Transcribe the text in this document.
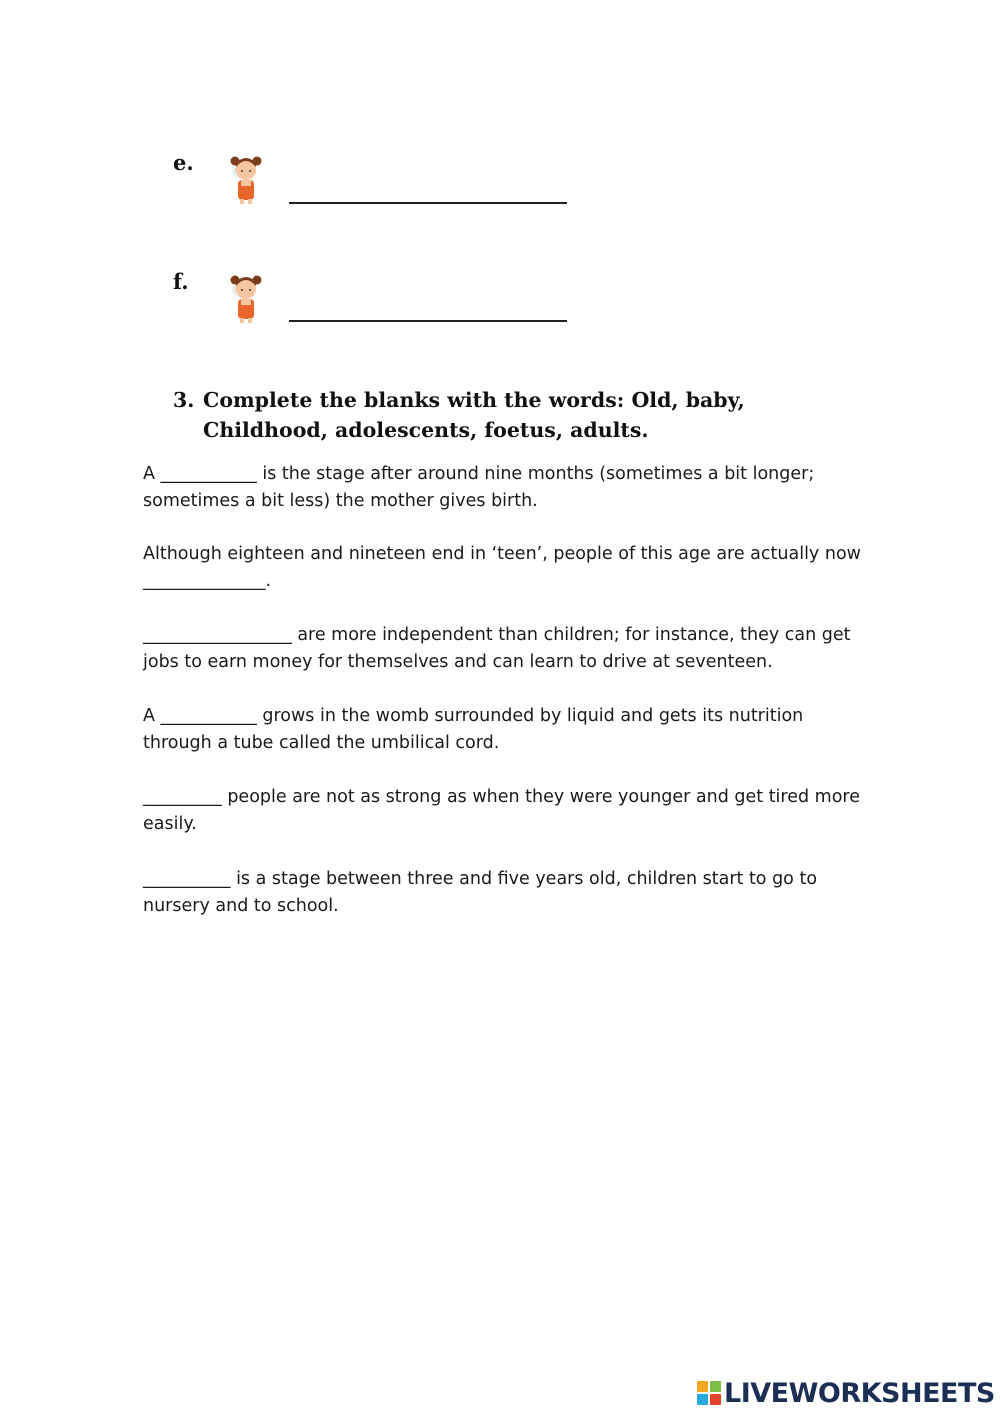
e.
f.
3. Complete the blanks with the words: Old, baby, Childhood, adolescents, foetus, adults.
A ___________ is the stage after around nine months (sometimes a bit longer; sometimes a bit less) the mother gives birth.
Although eighteen and nineteen end in ‘teen’, people of this age are actually now ______________.
_________________ are more independent than children; for instance, they can get jobs to earn money for themselves and can learn to drive at seventeen.
A ___________ grows in the womb surrounded by liquid and gets its nutrition through a tube called the umbilical cord.
_________ people are not as strong as when they were younger and get tired more easily.
__________ is a stage between three and five years old, children start to go to nursery and to school.
LIVEWORKSHEETS
